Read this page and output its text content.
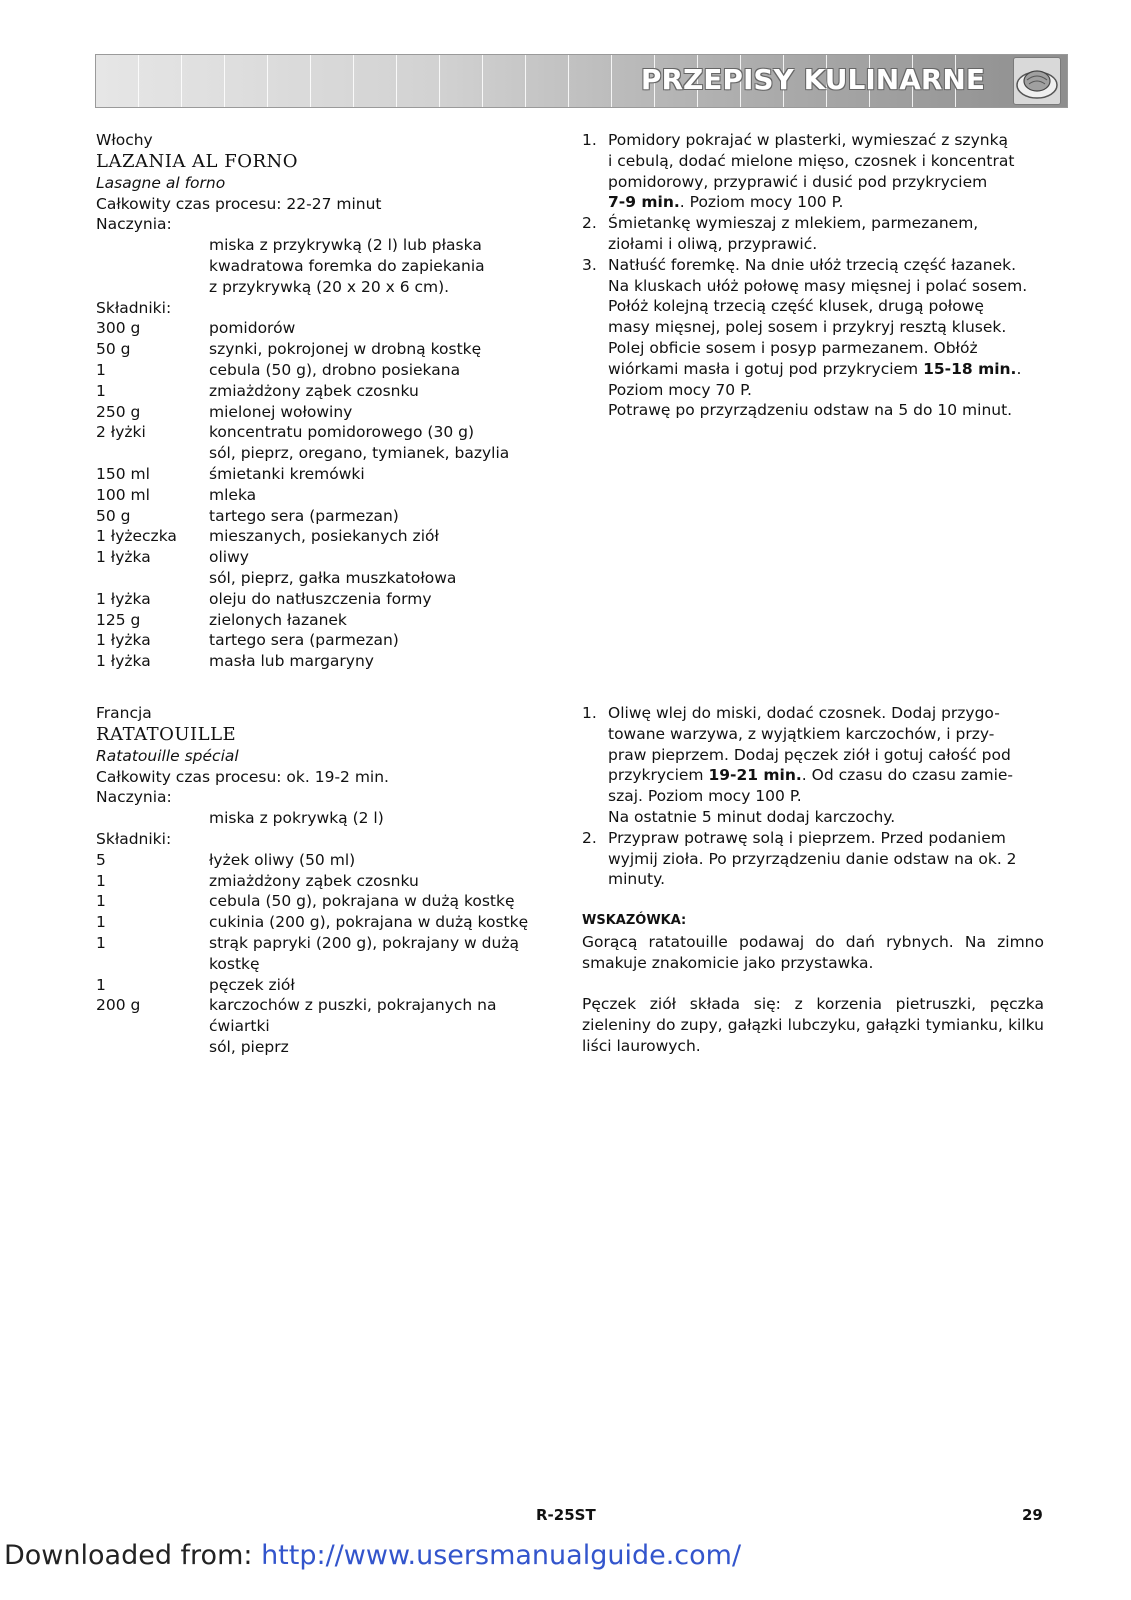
PRZEPISY KULINARNE
Włochy
LAZANIA AL FORNO
Lasagne al forno
Całkowity czas procesu: 22-27 minut
Naczynia:
miska z przykrywką (2 l) lub płaska
kwadratowa foremka do zapiekania
z przykrywką (20 x 20 x 6 cm).
Składniki:
300 g	pomidorów
50 g	szynki, pokrojonej w drobną kostkę
1	cebula (50 g), drobno posiekana
1	zmiażdżony ząbek czosnku
250 g	mielonej wołowiny
2 łyżki	koncentratu pomidorowego (30 g)
sól, pieprz, oregano, tymianek, bazylia
150 ml	śmietanki kremówki
100 ml	mleka
50 g	tartego sera (parmezan)
1 łyżeczka	mieszanych, posiekanych ziół
1 łyżka	oliwy
sól, pieprz, gałka muszkatołowa
1 łyżka	oleju do natłuszczenia formy
125 g	zielonych łazanek
1 łyżka	tartego sera (parmezan)
1 łyżka	masła lub margaryny
1. Pomidory pokrajać w plasterki, wymieszać z szynką
i cebulą, dodać mielone mięso, czosnek i koncentrat
pomidorowy, przyprawić i dusić pod przykryciem
7-9 min.. Poziom mocy 100 P.
2. Śmietankę wymieszaj z mlekiem, parmezanem,
ziołami i oliwą, przyprawić.
3. Natłuść foremkę. Na dnie ułóż trzecią część łazanek.
Na kluskach ułóż połowę masy mięsnej i polać sosem.
Połóż kolejną trzecią część klusek, drugą połowę
masy mięsnej, polej sosem i przykryj resztą klusek.
Polej obficie sosem i posyp parmezanem. Obłóż
wiórkami masła i gotuj pod przykryciem 15-18 min..
Poziom mocy 70 P.
Potrawę po przyrządzeniu odstaw na 5 do 10 minut.
Francja
RATATOUILLE
Ratatouille spécial
Całkowity czas procesu: ok. 19-2 min.
Naczynia:
miska z pokrywką (2 l)
Składniki:
5	łyżek oliwy (50 ml)
1	zmiażdżony ząbek czosnku
1	cebula (50 g), pokrajana w dużą kostkę
1	cukinia (200 g), pokrajana w dużą kostkę
1	strąk papryki (200 g), pokrajany w dużą
kostkę
1	pęczek ziół
200 g	karczochów z puszki, pokrajanych na
ćwiartki
sól, pieprz
1. Oliwę wlej do miski, dodać czosnek. Dodaj przygo-
towane warzywa, z wyjątkiem karczochów, i przy-
praw pieprzem. Dodaj pęczek ziół i gotuj całość pod
przykryciem 19-21 min.. Od czasu do czasu zamie-
szaj. Poziom mocy 100 P.
Na ostatnie 5 minut dodaj karczochy.
2. Przypraw potrawę solą i pieprzem. Przed podaniem
wyjmij zioła. Po przyrządzeniu danie odstaw na ok. 2
minuty.
WSKAZÓWKA:
Gorącą ratatouille podawaj do dań rybnych. Na zimno smakuje znakomicie jako przystawka.
Pęczek ziół składa się: z korzenia pietruszki, pęczka zieleniny do zupy, gałązki lubczyku, gałązki tymianku, kilku liści laurowych.
R-25ST	29
Downloaded from: http://www.usersmanualguide.com/
